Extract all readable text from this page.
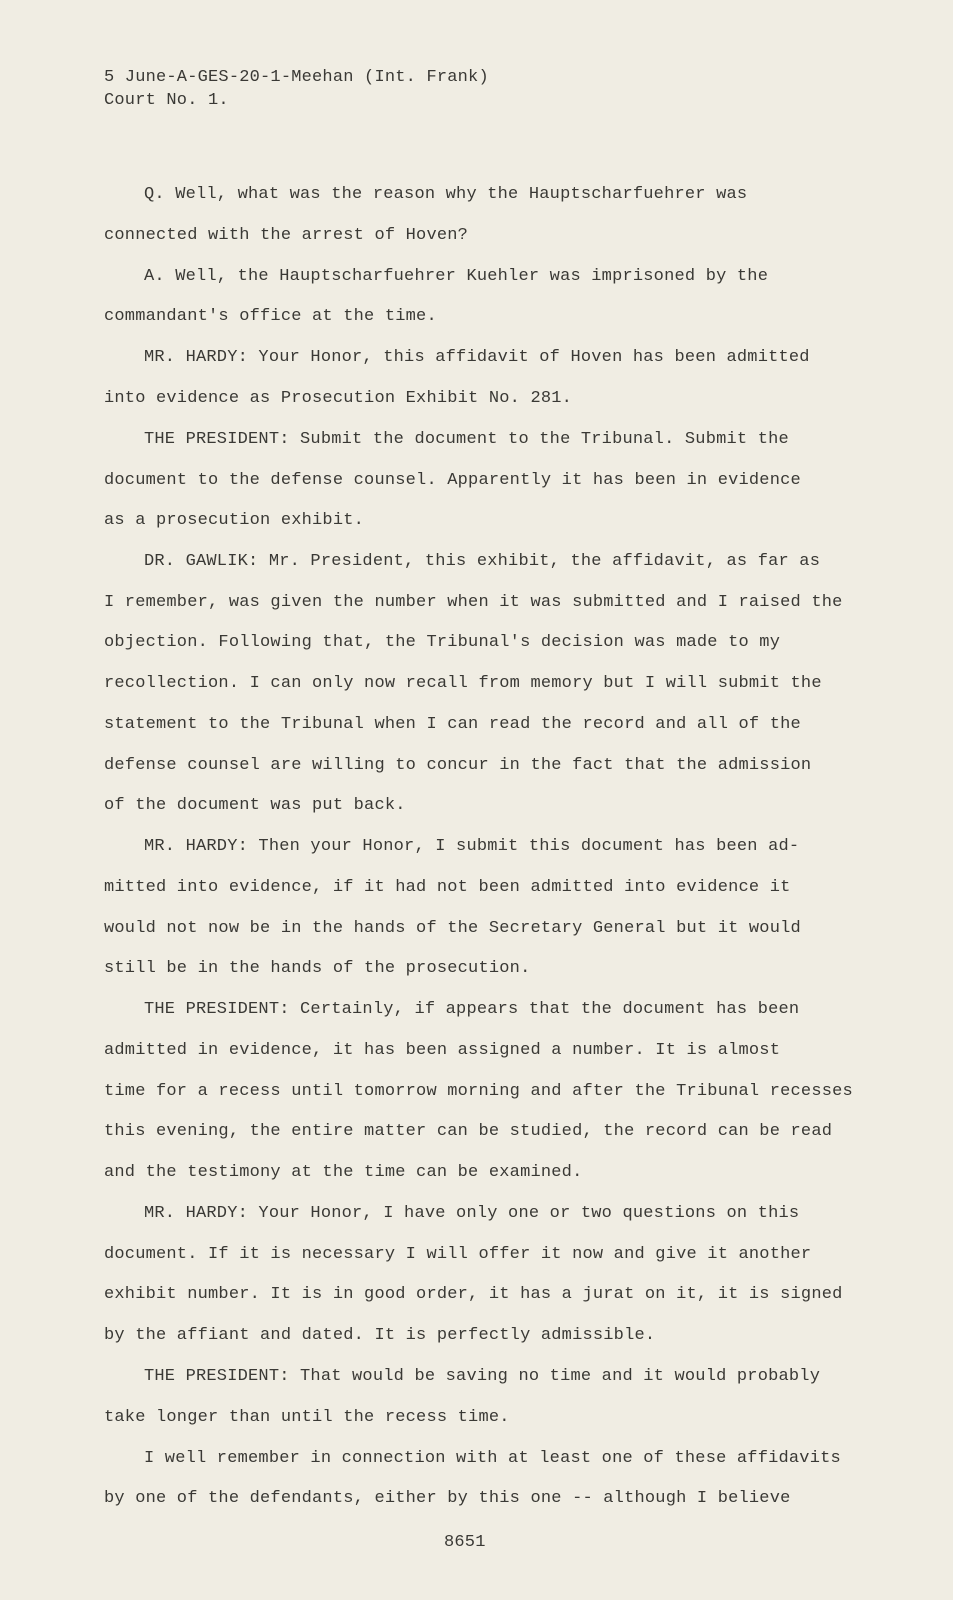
5 June-A-GES-20-1-Meehan (Int. Frank)
Court No. 1.
Q. Well, what was the reason why the Hauptscharfuehrer was
connected with the arrest of Hoven?
A. Well, the Hauptscharfuehrer Kuehler was imprisoned by the
commandant's office at the time.
MR. HARDY: Your Honor, this affidavit of Hoven has been admitted
into evidence as Prosecution Exhibit No. 281.
THE PRESIDENT: Submit the document to the Tribunal. Submit the
document to the defense counsel. Apparently it has been in evidence
as a prosecution exhibit.
DR. GAWLIK: Mr. President, this exhibit, the affidavit, as far as
I remember, was given the number when it was submitted and I raised the
objection. Following that, the Tribunal's decision was made to my
recollection. I can only now recall from memory but I will submit the
statement to the Tribunal when I can read the record and all of the
defense counsel are willing to concur in the fact that the admission
of the document was put back.
MR. HARDY: Then your Honor, I submit this document has been ad-
mitted into evidence, if it had not been admitted into evidence it
would not now be in the hands of the Secretary General but it would
still be in the hands of the prosecution.
THE PRESIDENT: Certainly, if appears that the document has been
admitted in evidence, it has been assigned a number. It is almost
time for a recess until tomorrow morning and after the Tribunal recesses
this evening, the entire matter can be studied, the record can be read
and the testimony at the time can be examined.
MR. HARDY: Your Honor, I have only one or two questions on this
document. If it is necessary I will offer it now and give it another
exhibit number. It is in good order, it has a jurat on it, it is signed
by the affiant and dated. It is perfectly admissible.
THE PRESIDENT: That would be saving no time and it would probably
take longer than until the recess time.
I well remember in connection with at least one of these affidavits
by one of the defendants, either by this one -- although I believe
8651
